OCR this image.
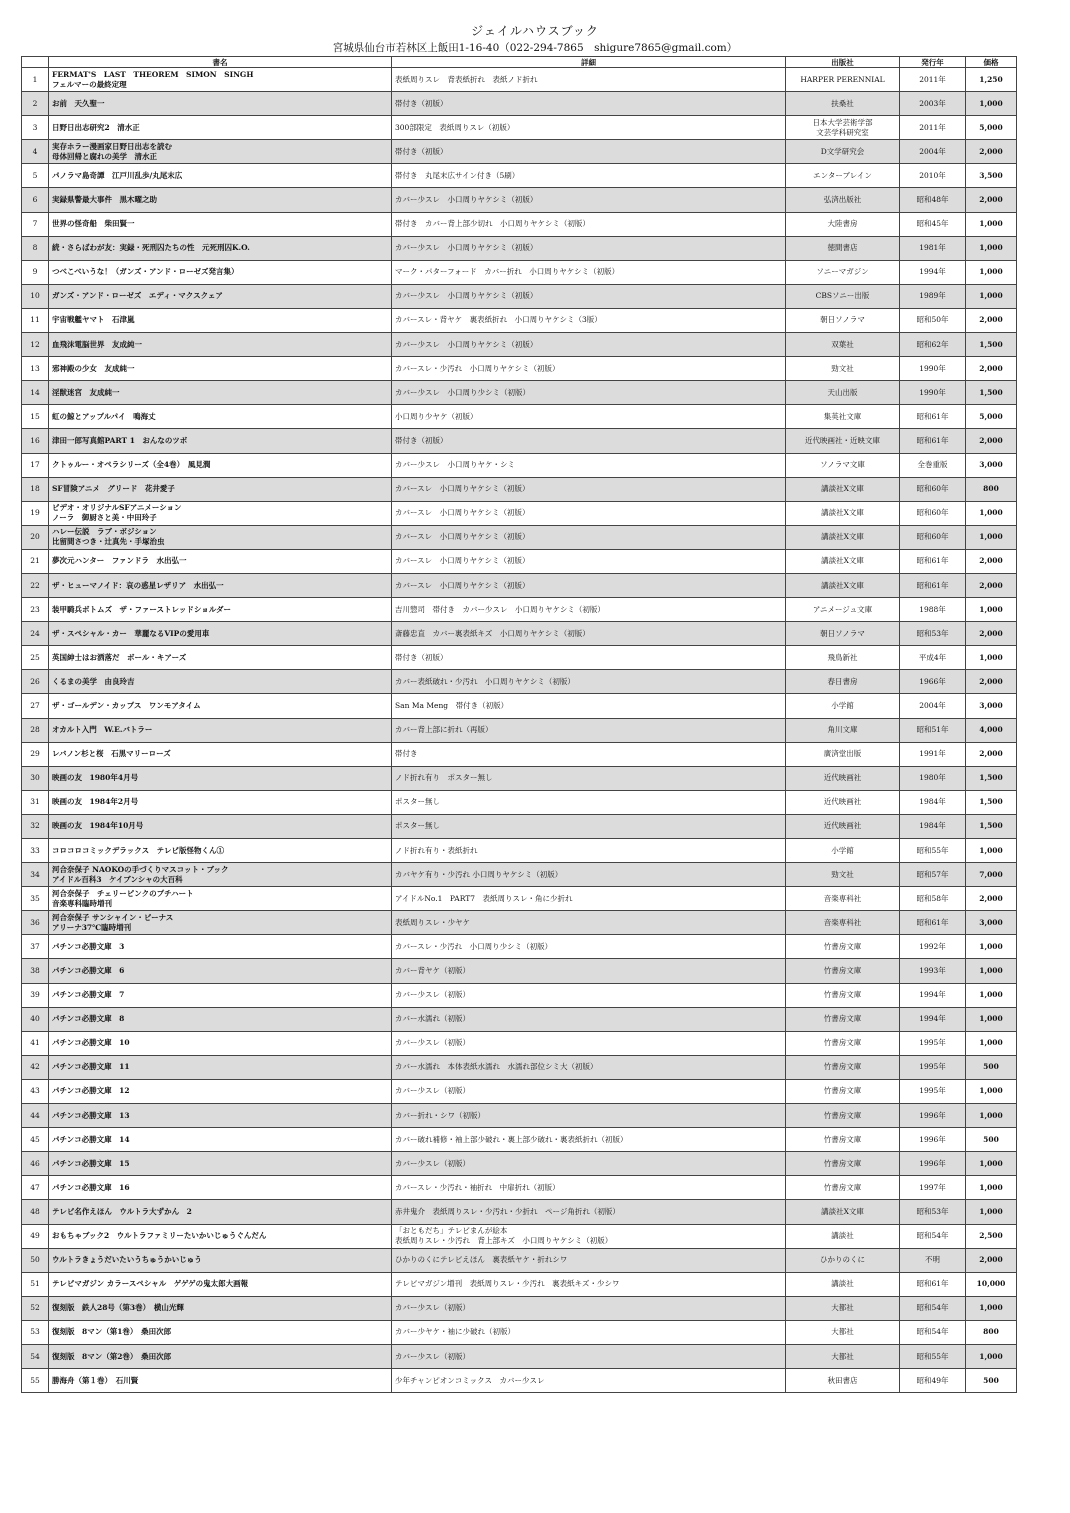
ジェイルハウスブック
宮城県仙台市若林区上飯田1-16-40（022-294-7865　shigure7865@gmail.com）
	書名	詳細	出版社	発行年	価格

1	FERMAT'S　LAST　THEOREM　SIMON　SINGH
フェルマーの最終定理	表紙周りスレ　背表紙折れ　表紙ノド折れ	HARPER PERENNIAL	2011年	1,250

2	お前　天久聖一	帯付き（初版）	扶桑社	2003年	1,000

3	日野日出志研究2　清水正	300部限定　表紙周りスレ（初版）	日本大学芸術学部
文芸学科研究室	2011年	5,000

4	実存ホラー漫画家日野日出志を読む
母体回帰と腐れの美学　清水正	帯付き（初版）	D文学研究会	2004年	2,000

5	パノラマ島奇譚　江戸川乱歩/丸尾末広	帯付き　丸尾末広サイン付き（5刷）	エンターブレイン	2010年	3,500

6	実録県警最大事件　黒木曜之助	カバー少スレ　小口周りヤケシミ（初版）	弘済出版社	昭和48年	2,000

7	世界の怪奇船　柴田賢一	帯付き　カバー背上部少切れ　小口周りヤケシミ（初版）	大陸書房	昭和45年	1,000

8	続・さらばわが友：実録・死刑囚たちの性　元死刑囚K.O.	カバー少スレ　小口周りヤケシミ（初版）	徳間書店	1981年	1,000

9	つべこべいうな！（ガンズ・アンド・ローゼズ発言集）	マーク・パターフォード　カバー折れ　小口周りヤケシミ（初版）	ソニーマガジン	1994年	1,000

10	ガンズ・アンド・ローゼズ　エディ・マクスクェア	カバー少スレ　小口周りヤケシミ（初版）	CBSソニー出版	1989年	1,000

11	宇宙戦艦ヤマト　石津嵐	カバースレ・背ヤケ　裏表紙折れ　小口周りヤケシミ（3版）	朝日ソノラマ	昭和50年	2,000

12	血飛沫電脳世界　友成純一	カバー少スレ　小口周りヤケシミ（初版）	双葉社	昭和62年	1,500

13	邪神殿の少女　友成純一	カバースレ・少汚れ　小口周りヤケシミ（初版）	勁文社	1990年	2,000

14	淫獣迷宮　友成純一	カバー少スレ　小口周り少シミ（初版）	天山出版	1990年	1,500

15	虹の鯨とアップルパイ　鳴海丈	小口周り少ヤケ（初版）	集英社文庫	昭和61年	5,000

16	津田一郎写真館PART 1　おんなのツボ	帯付き（初版）	近代映画社・近映文庫	昭和61年	2,000

17	クトゥルー・オペラシリーズ（全4巻）　風見潤	カバー少スレ　小口周りヤケ・シミ	ソノラマ文庫	全巻重版	3,000

18	SF冒険アニメ　グリード　花井愛子	カバースレ　小口周りヤケシミ（初版）	講談社X文庫	昭和60年	800

19	ビデオ・オリジナルSFアニメーション
ノーラ　御厨さと美・中田玲子	カバースレ　小口周りヤケシミ（初版）	講談社X文庫	昭和60年	1,000

20	ハレー伝説　ラブ・ボジション
比留間さつき・辻真先・手塚治虫	カバースレ　小口周りヤケシミ（初版）	講談社X文庫	昭和60年	1,000

21	夢次元ハンター　ファンドラ　水出弘一	カバースレ　小口周りヤケシミ（初版）	講談社X文庫	昭和61年	2,000

22	ザ・ヒューマノイド：哀の惑星レザリア　水出弘一	カバースレ　小口周りヤケシミ（初版）	講談社X文庫	昭和61年	2,000

23	装甲騎兵ボトムズ　ザ・ファーストレッドショルダー	吉川惣司　帯付き　カバー少スレ　小口周りヤケシミ（初版）	アニメージュ文庫	1988年	1,000

24	ザ・スペシャル・カー　華麗なるVIPの愛用車	斎藤忠直　カバー裏表紙キズ　小口周りヤケシミ（初版）	朝日ソノラマ	昭和53年	2,000

25	英国紳士はお洒落だ　ボール・キアーズ	帯付き（初版）	飛鳥新社	平成4年	1,000

26	くるまの美学　由良玲吉	カバー表紙破れ・少汚れ　小口周りヤケシミ（初版）	春日書房	1966年	2,000

27	ザ・ゴールデン・カップス　ワンモアタイム	San Ma Meng　帯付き（初版）	小学館	2004年	3,000

28	オカルト入門　W.E.バトラー	カバー背上部に折れ（再版）	角川文庫	昭和51年	4,000

29	レバノン杉と桜　石黒マリーローズ	帯付き	廣済堂出版	1991年	2,000

30	映画の友　1980年4月号	ノド折れ有り　ポスター無し	近代映画社	1980年	1,500

31	映画の友　1984年2月号	ポスター無し	近代映画社	1984年	1,500

32	映画の友　1984年10月号	ポスター無し	近代映画社	1984年	1,500

33	コロコロコミックデラックス　テレビ版怪物くん①	ノド折れ有り・表紙折れ	小学館	昭和55年	1,000

34	河合奈保子 NAOKOの手づくりマスコット・ブック
アイドル百科3　ケイブンシャの大百科	カバヤケ有り・少汚れ 小口周りヤケシミ（初版）	勁文社	昭和57年	7,000

35	河合奈保子　チェリーピンクのプチハート
音楽専科臨時増刊	アイドルNo.1　PART7　表紙周りスレ・角に少折れ	音楽専科社	昭和58年	2,000

36	河合奈保子 サンシャイン・ビーナス
アリーナ37℃臨時増刊	表紙周りスレ・少ヤケ	音楽専科社	昭和61年	3,000

37	パチンコ必勝文庫　3	カバースレ・少汚れ　小口周り少シミ（初版）	竹書房文庫	1992年	1,000

38	パチンコ必勝文庫　6	カバー背ヤケ（初版）	竹書房文庫	1993年	1,000

39	パチンコ必勝文庫　7	カバー少スレ（初版）	竹書房文庫	1994年	1,000

40	パチンコ必勝文庫　8	カバー水濡れ（初版）	竹書房文庫	1994年	1,000

41	パチンコ必勝文庫　10	カバー少スレ（初版）	竹書房文庫	1995年	1,000

42	パチンコ必勝文庫　11	カバー水濡れ　本体表紙水濡れ　水濡れ部位シミ大（初版）	竹書房文庫	1995年	500

43	パチンコ必勝文庫　12	カバー少スレ（初版）	竹書房文庫	1995年	1,000

44	パチンコ必勝文庫　13	カバー折れ・シワ（初版）	竹書房文庫	1996年	1,000

45	パチンコ必勝文庫　14	カバー破れ補修・袖上部少破れ・裏上部少破れ・裏表紙折れ（初版）	竹書房文庫	1996年	500

46	パチンコ必勝文庫　15	カバー少スレ（初版）	竹書房文庫	1996年	1,000

47	パチンコ必勝文庫　16	カバースレ・少汚れ・袖折れ　中扉折れ（初版）	竹書房文庫	1997年	1,000

48	テレビ名作えほん　ウルトラ大ずかん　2	赤井鬼介　表紙周りスレ・少汚れ・少折れ　ページ角折れ（初版）	講談社X文庫	昭和53年	1,000

49	おもちゃブック2　ウルトラファミリーたいかいじゅうぐんだん	「おともだち」テレビまんが絵本
表紙周りスレ・少汚れ　背上部キズ　小口周りヤケシミ（初版）	講談社	昭和54年	2,500

50	ウルトラきょうだいたいうちゅうかいじゅう	ひかりのくにテレビえほん　裏表紙ヤケ・折れシワ	ひかりのくに	不明	2,000

51	テレビマガジン カラースペシャル　ゲゲゲの鬼太郎大画報	テレビマガジン増刊　表紙周りスレ・少汚れ　裏表紙キズ・少シワ	講談社	昭和61年	10,000

52	復刻版　鉄人28号（第3巻）　横山光輝	カバー少スレ（初版）	大都社	昭和54年	1,000

53	復刻版　8マン（第1巻）　桑田次郎	カバー少ヤケ・袖に少破れ（初版）	大都社	昭和54年	800

54	復刻版　8マン（第2巻）　桑田次郎	カバー少スレ（初版）	大都社	昭和55年	1,000

55	勝海舟（第１巻）　石川賢	少年チャンピオンコミックス　カバー少スレ	秋田書店	昭和49年	500
